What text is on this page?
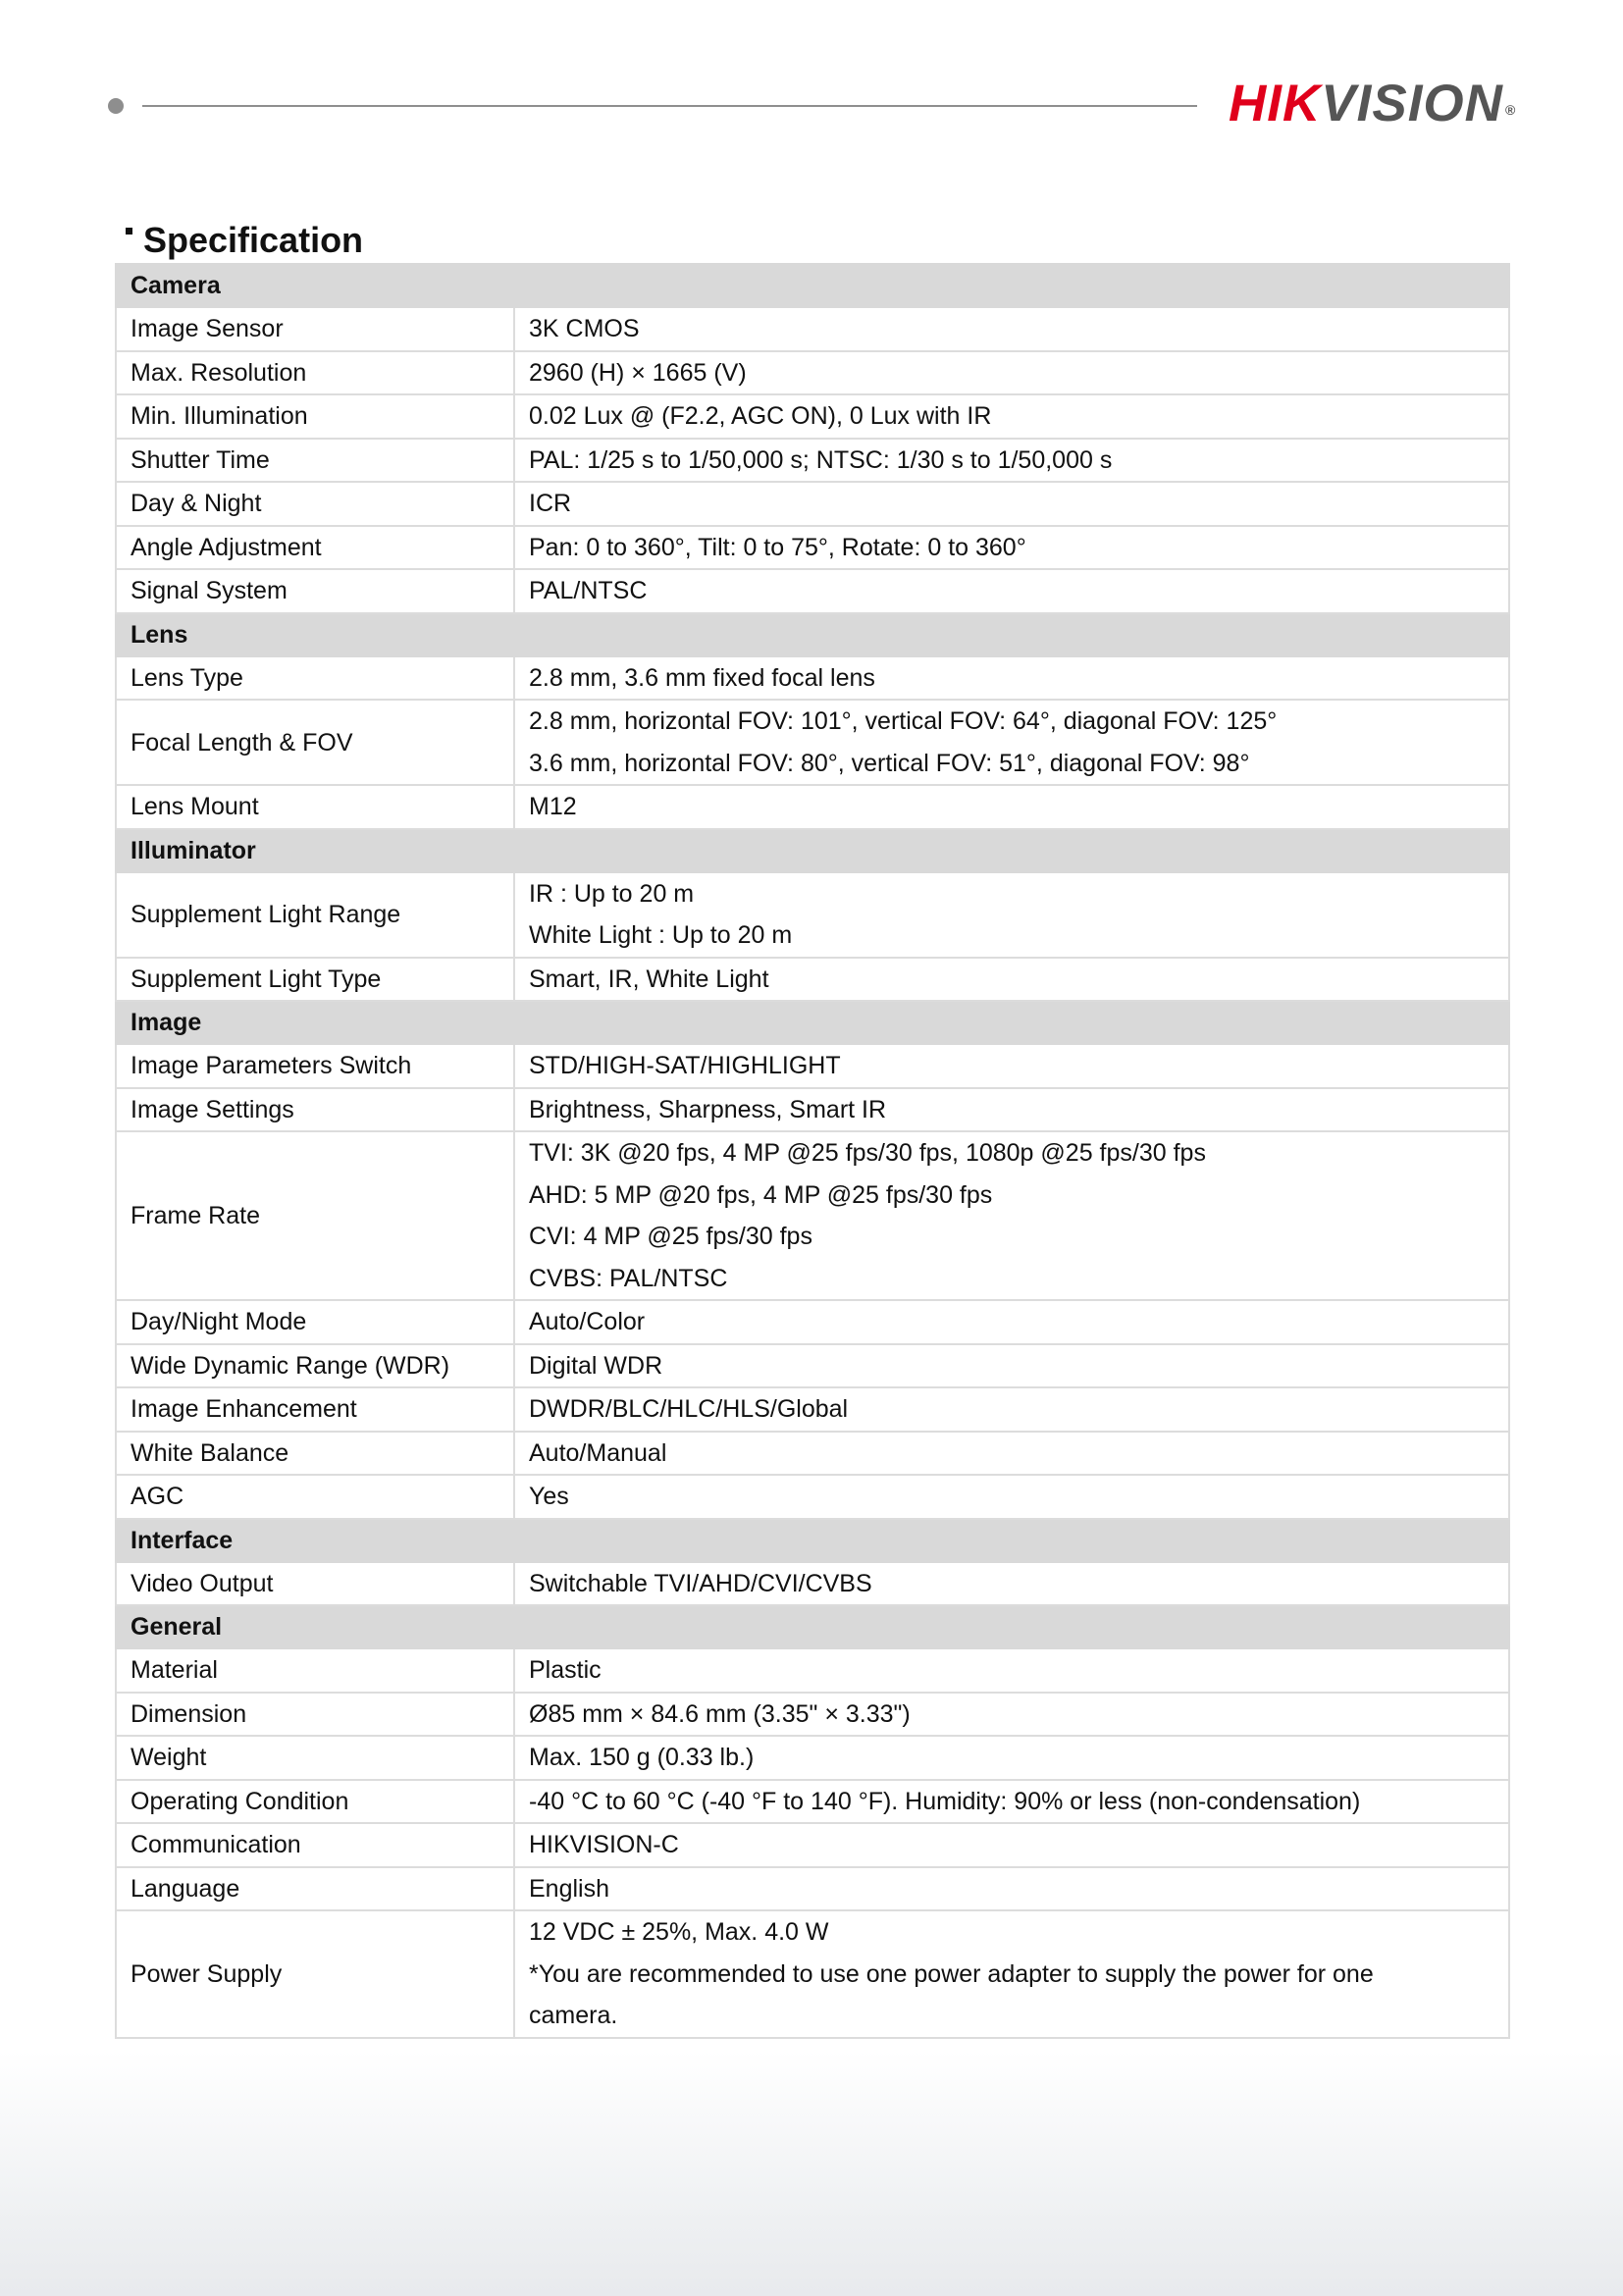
HIKVISION ®
Specification
Camera	
Image Sensor	3K CMOS

Max. Resolution	2960 (H) × 1665 (V)

Min. Illumination	0.02 Lux @ (F2.2, AGC ON), 0 Lux with IR

Shutter Time	PAL: 1/25 s to 1/50,000 s; NTSC: 1/30 s to 1/50,000 s

Day & Night	ICR

Angle Adjustment	Pan: 0 to 360°, Tilt: 0 to 75°, Rotate: 0 to 360°

Signal System	PAL/NTSC

Lens	
Lens Type	2.8 mm, 3.6 mm fixed focal lens

Focal Length & FOV	2.8 mm, horizontal FOV: 101°, vertical FOV: 64°, diagonal FOV: 125°
3.6 mm, horizontal FOV: 80°, vertical FOV: 51°, diagonal FOV: 98°

Lens Mount	M12

Illuminator	
Supplement Light Range	IR : Up to 20 m
White Light : Up to 20 m

Supplement Light Type	Smart, IR, White Light

Image	
Image Parameters Switch	STD/HIGH-SAT/HIGHLIGHT

Image Settings	Brightness, Sharpness, Smart IR

Frame Rate	TVI: 3K @20 fps, 4 MP @25 fps/30 fps, 1080p @25 fps/30 fps
AHD: 5 MP @20 fps, 4 MP @25 fps/30 fps
CVI: 4 MP @25 fps/30 fps
CVBS: PAL/NTSC

Day/Night Mode	Auto/Color

Wide Dynamic Range (WDR)	Digital WDR

Image Enhancement	DWDR/BLC/HLC/HLS/Global

White Balance	Auto/Manual

AGC	Yes

Interface	
Video Output	Switchable TVI/AHD/CVI/CVBS

General	
Material	Plastic

Dimension	Ø85 mm × 84.6 mm (3.35" × 3.33")

Weight	Max. 150 g (0.33 lb.)

Operating Condition	-40 °C to 60 °C (-40 °F to 140 °F). Humidity: 90% or less (non-condensation)

Communication	HIKVISION-C

Language	English

Power Supply	12 VDC ± 25%, Max. 4.0 W
*You are recommended to use one power adapter to supply the power for one
camera.
